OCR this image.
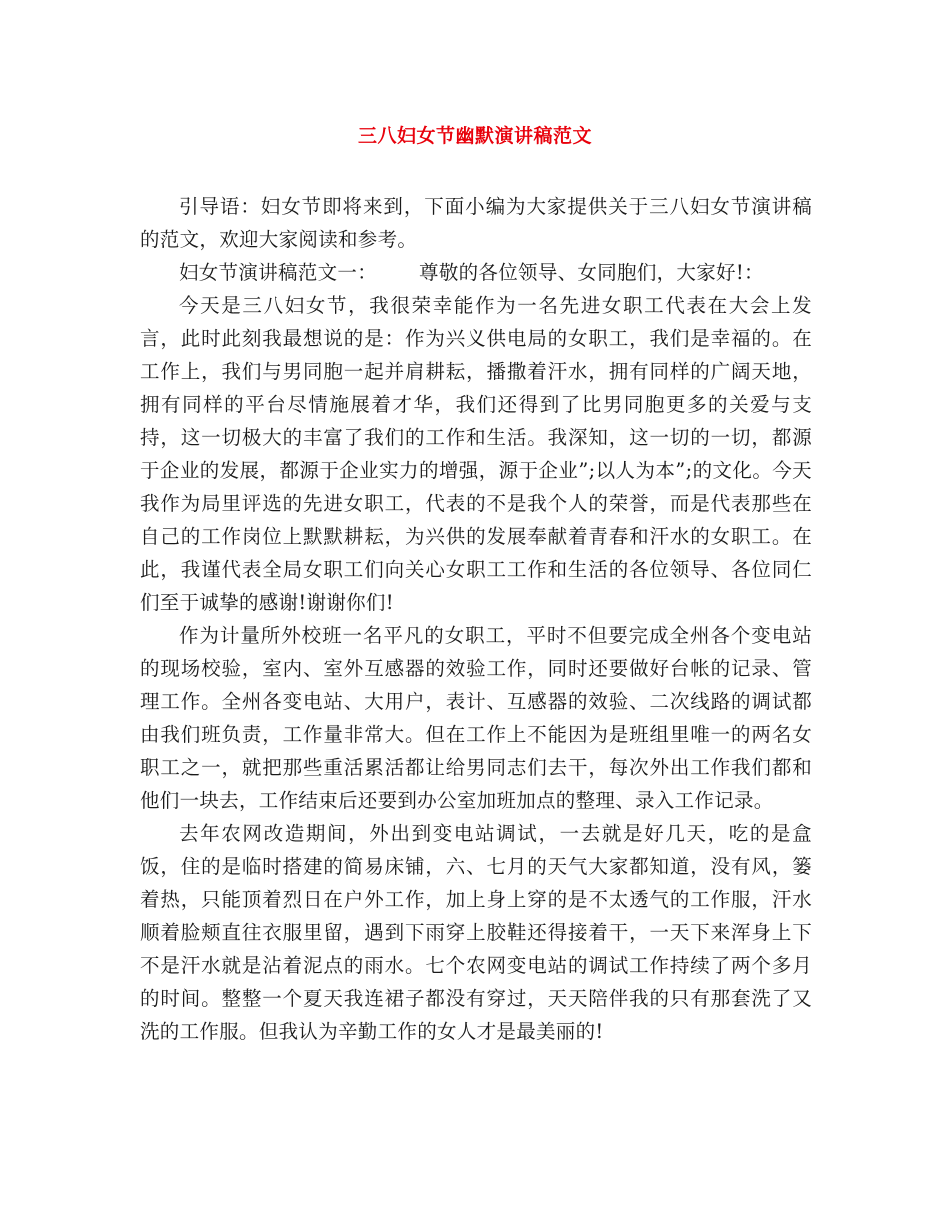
三八妇女节幽默演讲稿范文

引导语：妇女节即将来到，下面小编为大家提供关于三八妇女节演讲稿的范文，欢迎大家阅读和参考。

妇女节演讲稿范文一： 尊敬的各位领导、女同胞们，大家好!：

今天是三八妇女节，我很荣幸能作为一名先进女职工代表在大会上发言，此时此刻我最想说的是：作为兴义供电局的女职工，我们是幸福的。在工作上，我们与男同胞一起并肩耕耘，播撒着汗水，拥有同样的广阔天地，拥有同样的平台尽情施展着才华，我们还得到了比男同胞更多的关爱与支持，这一切极大的丰富了我们的工作和生活。我深知，这一切的一切，都源于企业的发展，都源于企业实力的增强，源于企业”;以人为本”;的文化。今天我作为局里评选的先进女职工，代表的不是我个人的荣誉，而是代表那些在自己的工作岗位上默默耕耘，为兴供的发展奉献着青春和汗水的女职工。在此，我谨代表全局女职工们向关心女职工工作和生活的各位领导、各位同仁们至于诚挚的感谢!谢谢你们!

作为计量所外校班一名平凡的女职工，平时不但要完成全州各个变电站的现场校验，室内、室外互感器的效验工作，同时还要做好台帐的记录、管理工作。全州各变电站、大用户，表计、互感器的效验、二次线路的调试都由我们班负责，工作量非常大。但在工作上不能因为是班组里唯一的两名女职工之一，就把那些重活累活都让给男同志们去干，每次外出工作我们都和他们一块去，工作结束后还要到办公室加班加点的整理、录入工作记录。

去年农网改造期间，外出到变电站调试，一去就是好几天，吃的是盒饭，住的是临时搭建的简易床铺，六、七月的天气大家都知道，没有风，篓着热，只能顶着烈日在户外工作，加上身上穿的是不太透气的工作服，汗水顺着脸颊直往衣服里留，遇到下雨穿上胶鞋还得接着干，一天下来浑身上下不是汗水就是沾着泥点的雨水。七个农网变电站的调试工作持续了两个多月的时间。整整一个夏天我连裙子都没有穿过，天天陪伴我的只有那套洗了又洗的工作服。但我认为辛勤工作的女人才是最美丽的!
